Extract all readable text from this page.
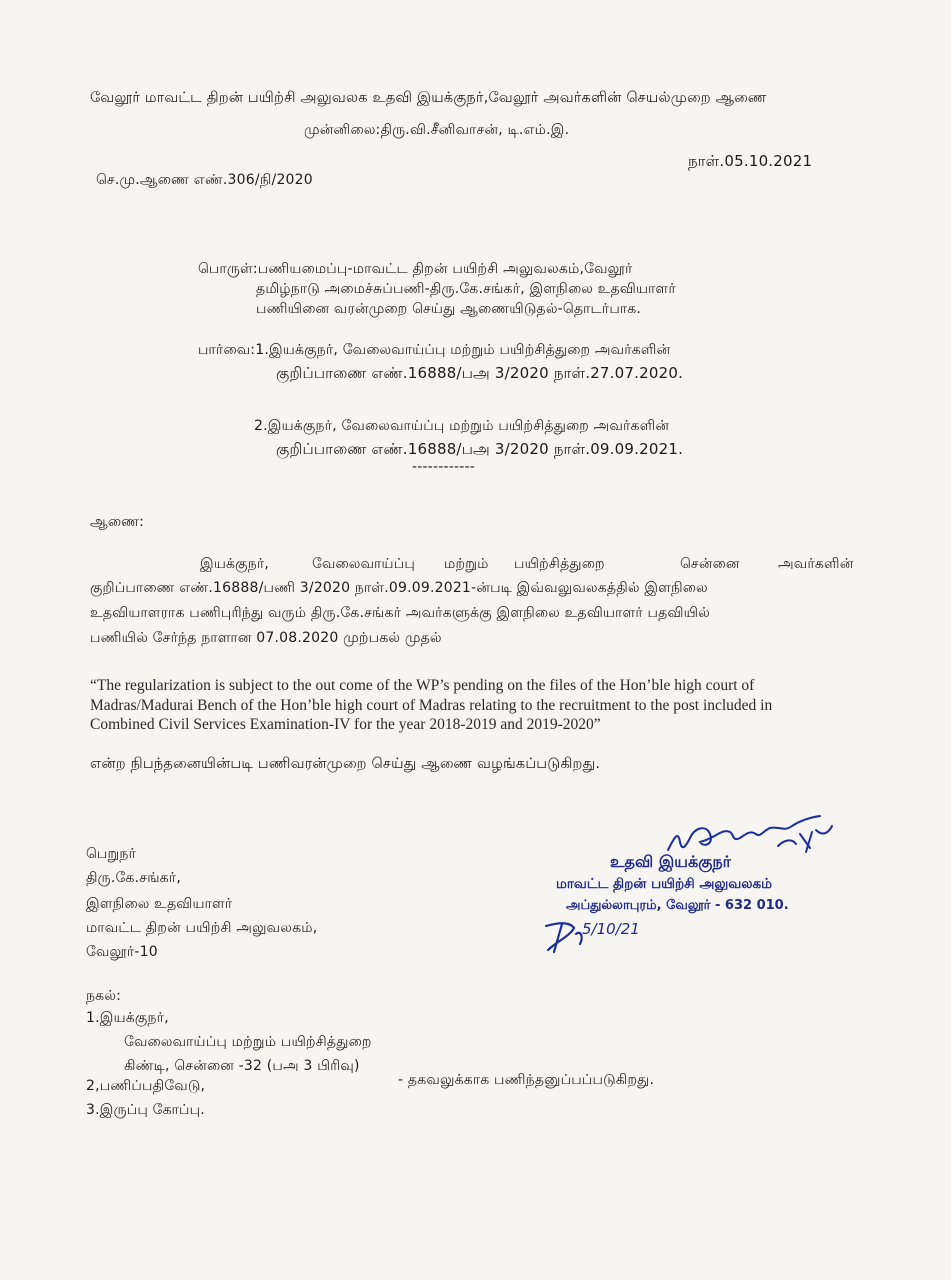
வேலூர் மாவட்ட திறன் பயிற்சி அலுவலக உதவி இயக்குநர்,வேலூர் அவர்களின் செயல்முறை ஆணை
முன்னிலை:திரு.வி.சீனிவாசன், டி.எம்.இ.
நாள்.05.10.2021
செ.மு.ஆணை எண்.306/நி/2020
பொருள்:பணியமைப்பு-மாவட்ட திறன் பயிற்சி அலுவலகம்,வேலூர்
தமிழ்நாடு அமைச்சுப்பணி-திரு.கே.சங்கர், இளநிலை உதவியாளர்
பணியினை வரன்முறை செய்து ஆணையிடுதல்-தொடர்பாக.
பார்வை:1.இயக்குநர், வேலைவாய்ப்பு மற்றும் பயிற்சித்துறை அவர்களின்
குறிப்பாணை எண்.16888/பஅ 3/2020 நாள்.27.07.2020.
2.இயக்குநர், வேலைவாய்ப்பு மற்றும் பயிற்சித்துறை அவர்களின்
குறிப்பாணை எண்.16888/பஅ 3/2020 நாள்.09.09.2021.
------------
ஆணை:
இயக்குநர்,	வேலைவாய்ப்பு மற்றும் பயிற்சித்துறை	சென்னை	அவர்களின்
குறிப்பாணை எண்.16888/பணி 3/2020 நாள்.09.09.2021-ன்படி இவ்வலுவலகத்தில் இளநிலை
உதவியாளராக பணிபுரிந்து வரும் திரு.கே.சங்கர் அவர்களுக்கு இளநிலை உதவியாளர் பதவியில்
பணியில் சேர்ந்த நாளான 07.08.2020 முற்பகல் முதல்
“The regularization is subject to the out come of the WP’s pending on the files of the Hon’ble high court of
Madras/Madurai Bench of the Hon’ble high court of Madras relating to the recruitment to the post included in
Combined Civil Services Examination-IV for the year 2018-2019 and 2019-2020”
என்ற நிபந்தனையின்படி பணிவரன்முறை செய்து ஆணை வழங்கப்படுகிறது.
பெறுநர்
திரு.கே.சங்கர்,
இளநிலை உதவியாளர்
மாவட்ட திறன் பயிற்சி அலுவலகம்,
வேலூர்-10
உதவி இயக்குநர்
மாவட்ட திறன் பயிற்சி அலுவலகம்
அப்துல்லாபுரம், வேலூர் - 632 010.
5/10/21
நகல்:
1.இயக்குநர்,
வேலைவாய்ப்பு மற்றும் பயிற்சித்துறை
கிண்டி, சென்னை -32 (பஅ 3 பிரிவு)
- தகவலுக்காக பணிந்தனுப்பப்படுகிறது.
2,பணிப்பதிவேடு,
3.இருப்பு கோப்பு.
